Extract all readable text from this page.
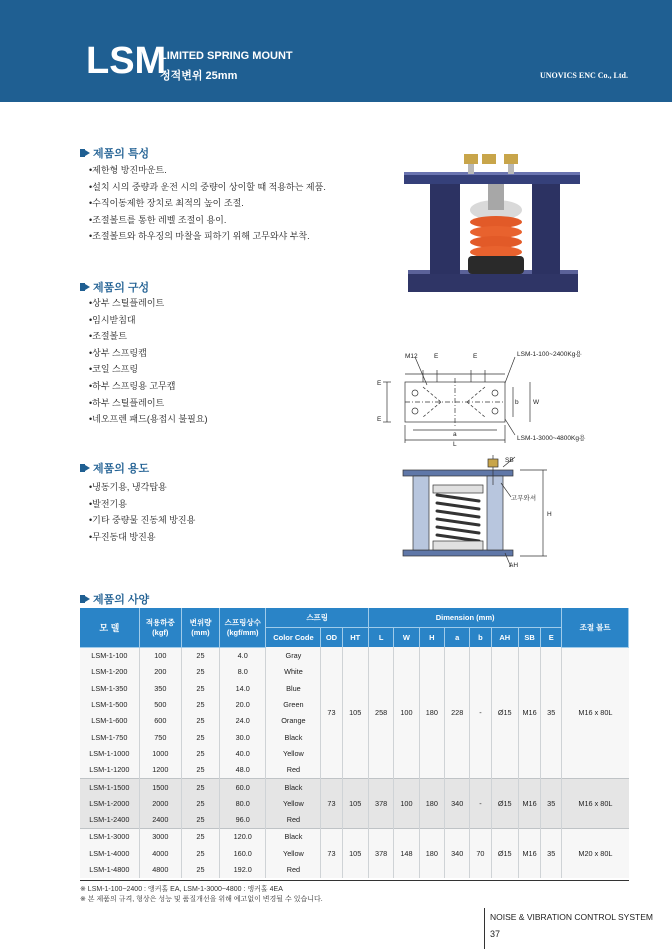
LSM
LIMITED SPRING MOUNT
정적변위 25mm	UNOVICS ENC Co., Ltd.
제품의 특성
• 제한형 방진마운트.
• 설치 시의 중량과 운전 시의 중량이 상이할 때 적용하는 제품.
• 수직이동제한 장치로 최적의 높이 조절.
• 조절볼트를 통한 레벨 조절이 용이.
• 조절볼트와 하우징의 마찰을 피하기 위해 고무와샤 부착.
제품의 구성
• 상부 스틸플레이트
• 임시받침대
• 조절볼트
• 상부 스프링캡
• 코일 스프링
• 하부 스프링용 고무캡
• 하부 스틸플레이트
• 네오프렌 패드(용접시 불필요)
제품의 용도
• 냉동기용, 냉각탑용
• 발전기용
• 기타 중량물 진동체 방진용
• 무진동대 방진용
M12	E	E
a
L
b W
E
E
H
SB
고무와셔
AH
LSM-1-100~2400Kg용
LSM-1-3000~4800Kg용
제품의 사양
모 델	적용하중
(kgf)	변위량
(mm)	스프링상수
(kgf/mm)	스프링			Dimension (mm)								조절 볼트
				Color Code	OD	HT	L	W	H	a	b	AH	SB	E	
LSM-1-100	100	25	4.0	Gray	73	105	258	100	180	228	-	Ø15	M16	35	M16 x 80L
LSM-1-200	200	25	8.0	White											
LSM-1-350	350	25	14.0	Blue											
LSM-1-500	500	25	20.0	Green											
LSM-1-600	600	25	24.0	Orange											
LSM-1-750	750	25	30.0	Black											
LSM-1-1000	1000	25	40.0	Yellow											
LSM-1-1200	1200	25	48.0	Red											
LSM-1-1500	1500	25	60.0	Black	73	105	378	100	180	340	-	Ø15	M16	35	M16 x 80L
LSM-1-2000	2000	25	80.0	Yellow											
LSM-1-2400	2400	25	96.0	Red											
LSM-1-3000	3000	25	120.0	Black	73	105	378	148	180	340	70	Ø15	M16	35	M20 x 80L
LSM-1-4000	4000	25	160.0	Yellow											
LSM-1-4800	4800	25	192.0	Red											
※ LSM-1-100~2400 : 앵커홀 EA, LSM-1-3000~4800 : 앵커홀 4EA
※ 본 제품의 규격, 형상은 성능 및 품질개선을 위해 예고없이 변경될 수 있습니다.
NOISE & VIBRATION CONTROL SYSTEM
37
